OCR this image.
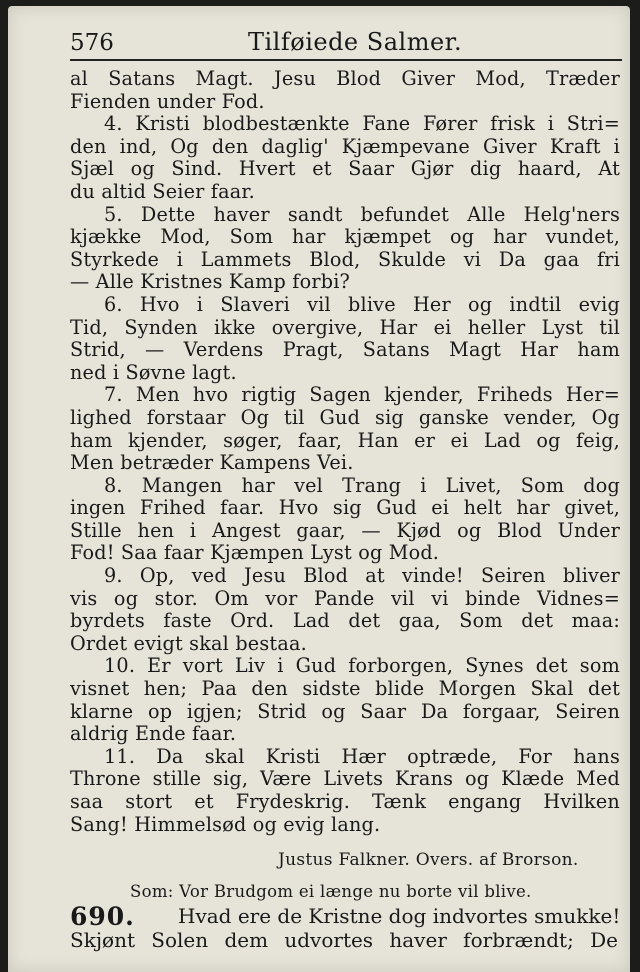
576	Tilføiede Salmer.
al Satans Magt. Jesu Blod Giver Mod, Træder
Fienden under Fod.
4. Kristi blodbestænkte Fane Fører frisk i Stri=
den ind, Og den daglig' Kjæmpevane Giver Kraft i
Sjæl og Sind. Hvert et Saar Gjør dig haard, At
du altid Seier faar.
5. Dette haver sandt befundet Alle Helg'ners
kjække Mod, Som har kjæmpet og har vundet,
Styrkede i Lammets Blod, Skulde vi Da gaa fri
— Alle Kristnes Kamp forbi?
6. Hvo i Slaveri vil blive Her og indtil evig
Tid, Synden ikke overgive, Har ei heller Lyst til
Strid, — Verdens Pragt, Satans Magt Har ham
ned i Søvne lagt.
7. Men hvo rigtig Sagen kjender, Friheds Her=
lighed forstaar Og til Gud sig ganske vender, Og
ham kjender, søger, faar, Han er ei Lad og feig,
Men betræder Kampens Vei.
8. Mangen har vel Trang i Livet, Som dog
ingen Frihed faar. Hvo sig Gud ei helt har givet,
Stille hen i Angest gaar, — Kjød og Blod Under
Fod! Saa faar Kjæmpen Lyst og Mod.
9. Op, ved Jesu Blod at vinde! Seiren bliver
vis og stor. Om vor Pande vil vi binde Vidnes=
byrdets faste Ord. Lad det gaa, Som det maa:
Ordet evigt skal bestaa.
10. Er vort Liv i Gud forborgen, Synes det som
visnet hen; Paa den sidste blide Morgen Skal det
klarne op igjen; Strid og Saar Da forgaar, Seiren
aldrig Ende faar.
11. Da skal Kristi Hær optræde, For hans
Throne stille sig, Være Livets Krans og Klæde Med
saa stort et Frydeskrig. Tænk engang Hvilken
Sang! Himmelsød og evig lang.
Justus Falkner. Overs. af Brorson.
Som: Vor Brudgom ei længe nu borte vil blive.
690. Hvad ere de Kristne dog indvortes smukke!
Skjønt Solen dem udvortes haver forbrændt; De
